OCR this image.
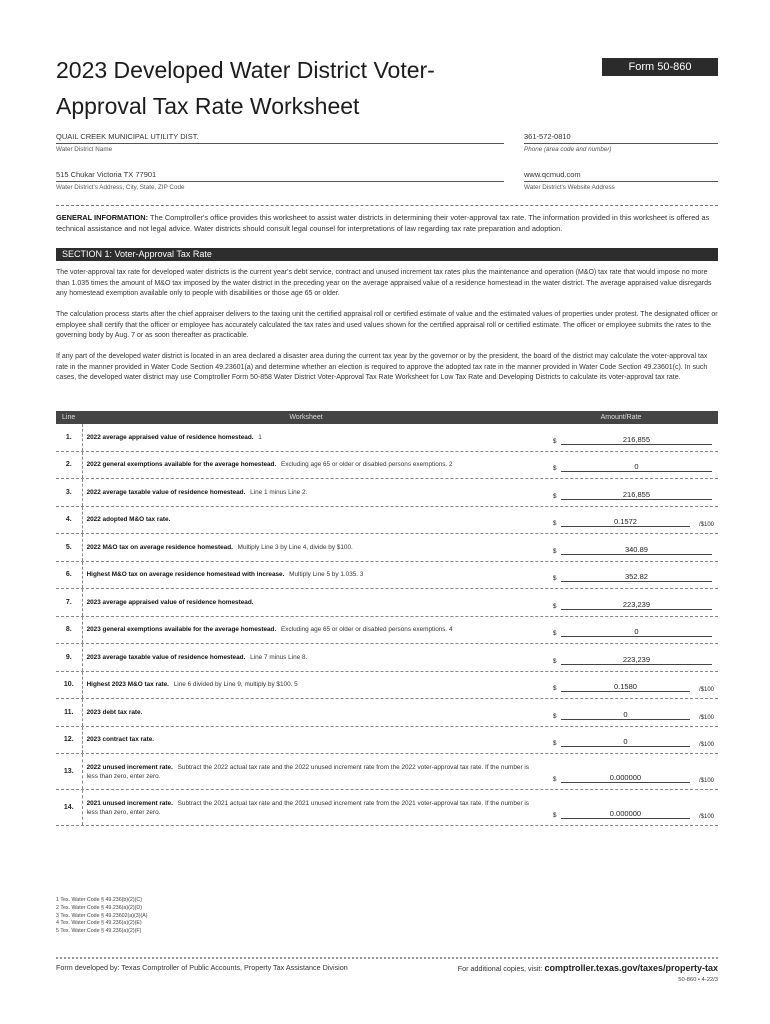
2023 Developed Water District Voter-
Approval Tax Rate Worksheet
Form 50-860
QUAIL CREEK MUNICIPAL UTILITY DIST.
Water District Name
361-572-0810
Phone (area code and number)
515 Chukar Victoria TX 77901
Water District's Address, City, State, ZIP Code
www.qcmud.com
Water District's Website Address
GENERAL INFORMATION: The Comptroller's office provides this worksheet to assist water districts in determining their voter-approval tax rate. The information provided in this worksheet is offered as technical assistance and not legal advice. Water districts should consult legal counsel for interpretations of law regarding tax rate preparation and adoption.
SECTION 1: Voter-Approval Tax Rate
The voter-approval tax rate for developed water districts is the current year's debt service, contract and unused increment tax rates plus the maintenance and operation (M&O) tax rate that would impose no more than 1.035 times the amount of M&O tax imposed by the water district in the preceding year on the average appraised value of a residence homestead in the water district. The average appraised value disregards any homestead exemption available only to people with disabilities or those age 65 or older.
The calculation process starts after the chief appraiser delivers to the taxing unit the certified appraisal roll or certified estimate of value and the estimated values of properties under protest. The designated officer or employee shall certify that the officer or employee has accurately calculated the tax rates and used values shown for the certified appraisal roll or certified estimate. The officer or employee submits the rates to the governing body by Aug. 7 or as soon thereafter as practicable.
If any part of the developed water district is located in an area declared a disaster area during the current tax year by the governor or by the president, the board of the district may calculate the voter-approval tax rate in the manner provided in Water Code Section 49.23601(a) and determine whether an election is required to approve the adopted tax rate in the manner provided in Water Code Section 49.23601(c). In such cases, the developed water district may use Comptroller Form 50-858 Water District Voter-Approval Tax Rate Worksheet for Low Tax Rate and Developing Districts to calculate its voter-approval tax rate.
Line	Worksheet	Amount/Rate
1.	2022 average appraised value of residence homestead. 1
$	216,855
2.	2022 general exemptions available for the average homestead. Excluding age 65 or older or disabled persons exemptions. 2
$	0
3.	2022 average taxable value of residence homestead. Line 1 minus Line 2.
$	216,855
4.	2022 adopted M&O tax rate.
$	0.1572	/$100
5.	2022 M&O tax on average residence homestead. Multiply Line 3 by Line 4, divide by $100.
$	340.89
6.	Highest M&O tax on average residence homestead with increase. Multiply Line 5 by 1.035. 3
$	352.82
7.	2023 average appraised value of residence homestead.
$	223,239
8.	2023 general exemptions available for the average homestead. Excluding age 65 or older or disabled persons exemptions. 4
$	0
9.	2023 average taxable value of residence homestead. Line 7 minus Line 8.
$	223,239
10.	Highest 2023 M&O tax rate. Line 6 divided by Line 9, multiply by $100. 5
$	0.1580	/$100
11.	2023 debt tax rate.
$	0	/$100
12.	2023 contract tax rate.
$	0	/$100
13.
2022 unused increment rate. Subtract the 2022 actual tax rate and the 2022 unused increment rate from the 2022 voter-approval tax rate. If the number is less than zero, enter zero.	$	0.000000	/$100
14.
2021 unused increment rate. Subtract the 2021 actual tax rate and the 2021 unused increment rate from the 2021 voter-approval tax rate. If the number is less than zero, enter zero.	$	0.000000	/$100
1 Tex. Water Code § 49.236(b)(2)(C)
2 Tex. Water Code § 49.236(a)(2)(D)
3 Tex. Water Code § 49.23602(a)(3)(A)
4 Tex. Water Code § 49.236(a)(2)(E)
5 Tex. Water Code § 49.236(a)(2)(F)
Form developed by: Texas Comptroller of Public Accounts, Property Tax Assistance Division	For additional copies, visit: comptroller.texas.gov/taxes/property-tax
50-860 • 4-22/3
